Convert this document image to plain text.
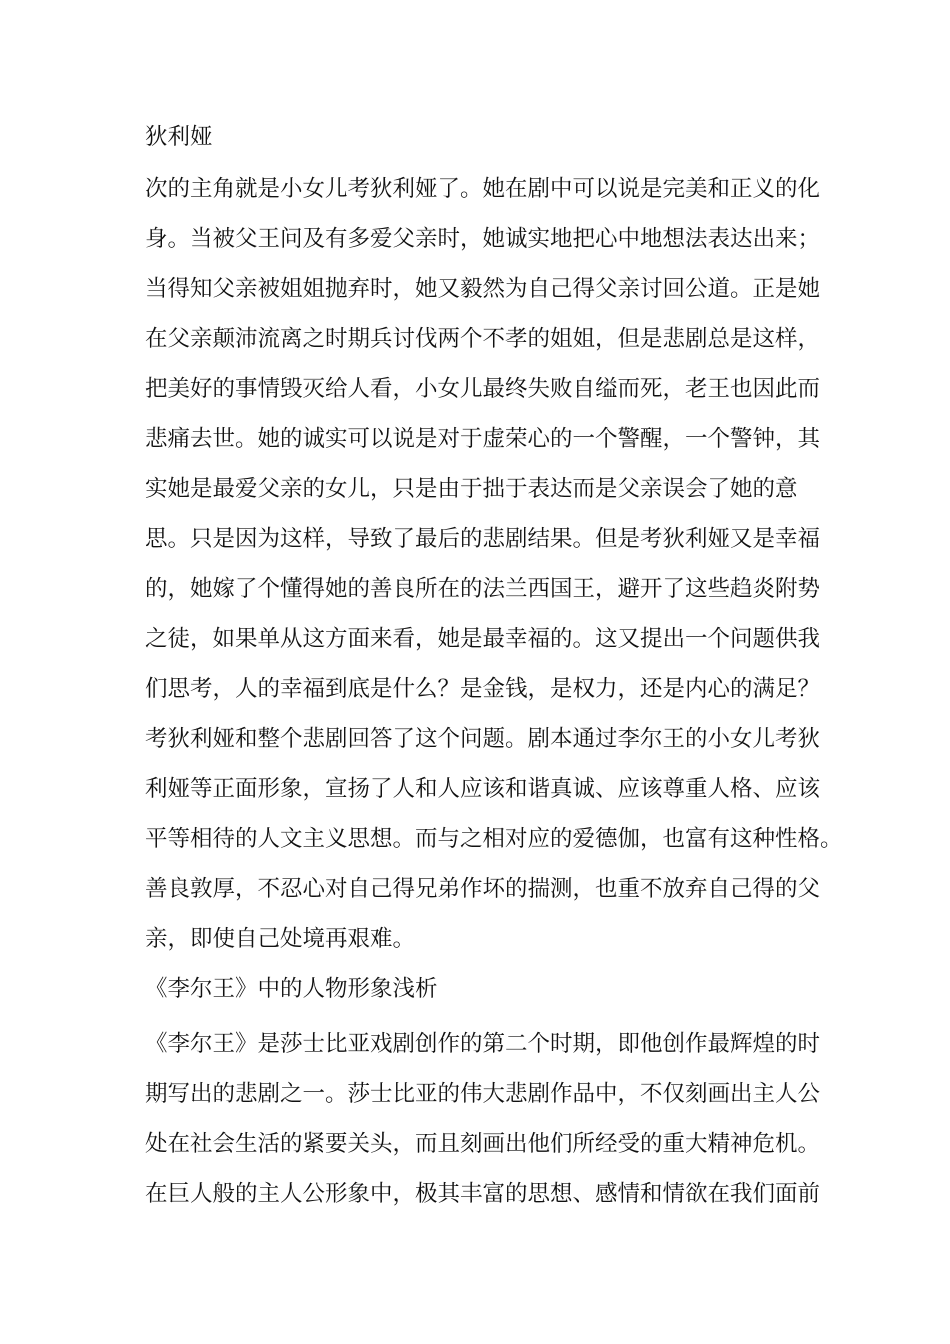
狄利娅
次的主角就是小女儿考狄利娅了。她在剧中可以说是完美和正义的化
身。当被父王问及有多爱父亲时，她诚实地把心中地想法表达出来；
当得知父亲被姐姐抛弃时，她又毅然为自己得父亲讨回公道。正是她
在父亲颠沛流离之时期兵讨伐两个不孝的姐姐，但是悲剧总是这样，
把美好的事情毁灭给人看，小女儿最终失败自缢而死，老王也因此而
悲痛去世。她的诚实可以说是对于虚荣心的一个警醒，一个警钟，其
实她是最爱父亲的女儿，只是由于拙于表达而是父亲误会了她的意
思。只是因为这样，导致了最后的悲剧结果。但是考狄利娅又是幸福
的，她嫁了个懂得她的善良所在的法兰西国王，避开了这些趋炎附势
之徒，如果单从这方面来看，她是最幸福的。这又提出一个问题供我
们思考，人的幸福到底是什么？是金钱，是权力，还是内心的满足？
考狄利娅和整个悲剧回答了这个问题。剧本通过李尔王的小女儿考狄
利娅等正面形象，宣扬了人和人应该和谐真诚、应该尊重人格、应该
平等相待的人文主义思想。而与之相对应的爱德伽，也富有这种性格。
善良敦厚，不忍心对自己得兄弟作坏的揣测，也重不放弃自己得的父
亲，即使自己处境再艰难。
《李尔王》中的人物形象浅析
《李尔王》是莎士比亚戏剧创作的第二个时期，即他创作最辉煌的时
期写出的悲剧之一。莎士比亚的伟大悲剧作品中，不仅刻画出主人公
处在社会生活的紧要关头，而且刻画出他们所经受的重大精神危机。
在巨人般的主人公形象中，极其丰富的思想、感情和情欲在我们面前
